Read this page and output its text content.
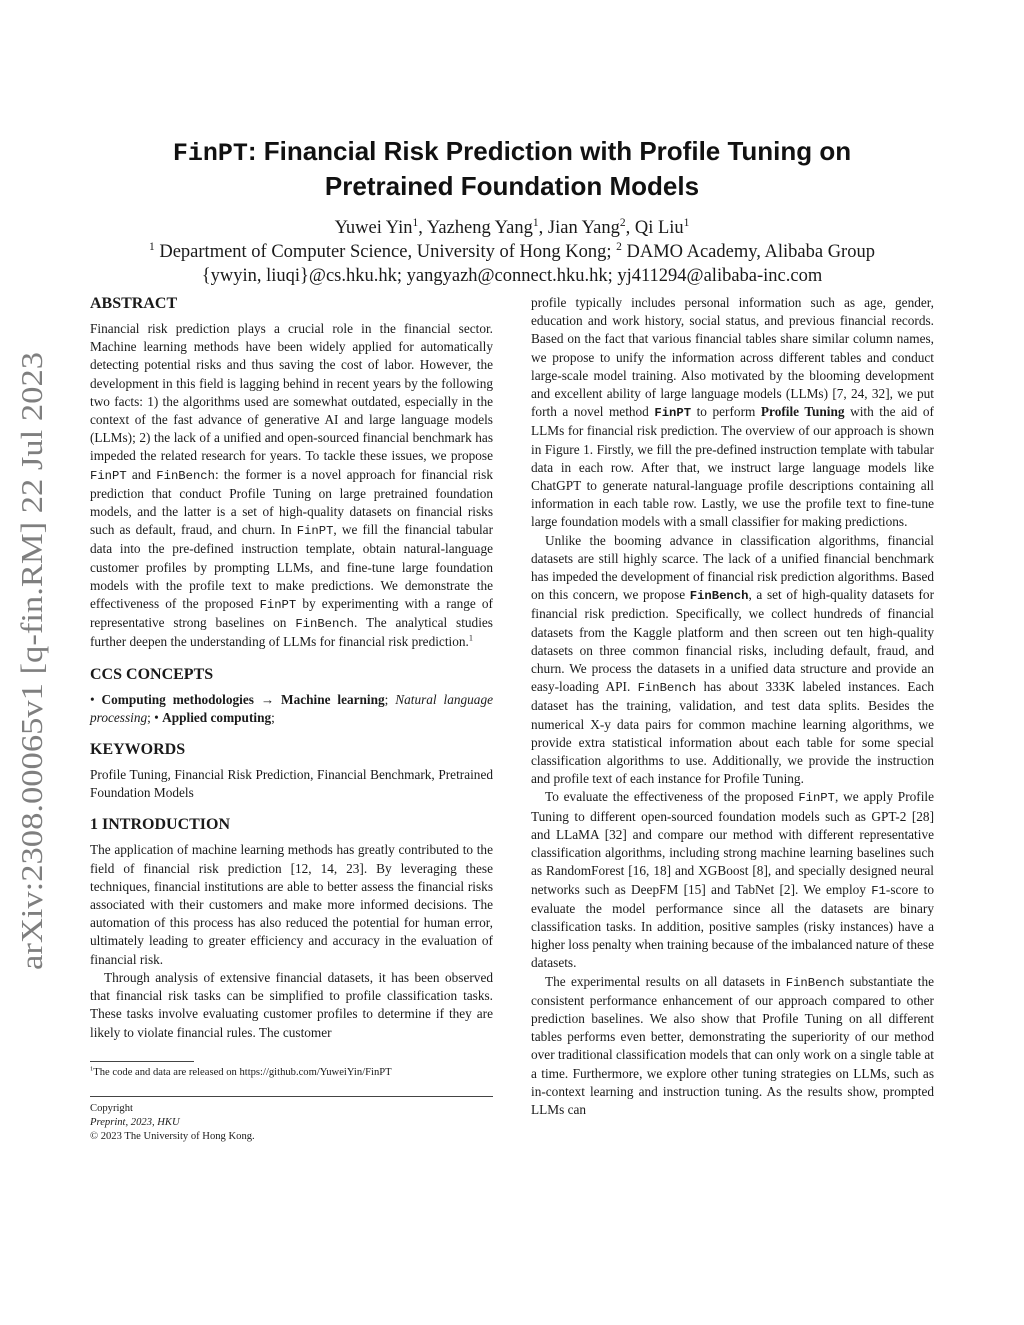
arXiv:2308.00065v1 [q-fin.RM] 22 Jul 2023
FinPT: Financial Risk Prediction with Profile Tuning on
Pretrained Foundation Models
Yuwei Yin$^1$, Yazheng Yang$^1$, Jian Yang$^2$, Qi Liu$^1$
$^1$ Department of Computer Science, University of Hong Kong; $^2$ DAMO Academy, Alibaba Group
{ywyin, liuqi}@cs.hku.hk; yangyazh@connect.hku.hk; yj411294@alibaba-inc.com
ABSTRACT

Financial risk prediction plays a crucial role in the financial sector. Machine learning methods have been widely applied for automatically detecting potential risks and thus saving the cost of labor. However, the development in this field is lagging behind in recent years by the following two facts: 1) the algorithms used are somewhat outdated, especially in the context of the fast advance of generative AI and large language models (LLMs); 2) the lack of a unified and open-sourced financial benchmark has impeded the related research for years. To tackle these issues, we propose FinPT and FinBench: the former is a novel approach for financial risk prediction that conduct Profile Tuning on large pretrained foundation models, and the latter is a set of high-quality datasets on financial risks such as default, fraud, and churn. In FinPT, we fill the financial tabular data into the pre-defined instruction template, obtain natural-language customer profiles by prompting LLMs, and fine-tune large foundation models with the profile text to make predictions. We demonstrate the effectiveness of the proposed FinPT by experimenting with a range of representative strong baselines on FinBench. The analytical studies further deepen the understanding of LLMs for financial risk prediction.$^1$

CCS CONCEPTS

• Computing methodologies → Machine learning; Natural language processing; • Applied computing;

KEYWORDS

Profile Tuning, Financial Risk Prediction, Financial Benchmark, Pretrained Foundation Models

1 INTRODUCTION

The application of machine learning methods has greatly contributed to the field of financial risk prediction [12, 14, 23]. By leveraging these techniques, financial institutions are able to better assess the financial risks associated with their customers and make more informed decisions. The automation of this process has also reduced the potential for human error, ultimately leading to greater efficiency and accuracy in the evaluation of financial risk.

Through analysis of extensive financial datasets, it has been observed that financial risk tasks can be simplified to profile classification tasks. These tasks involve evaluating customer profiles to determine if they are likely to violate financial rules. The customer

$^1$The code and data are released on https://github.com/YuweiYin/FinPT
Copyright
Preprint, 2023, HKU
© 2023 The University of Hong Kong.

profile typically includes personal information such as age, gender, education and work history, social status, and previous financial records. Based on the fact that various financial tables share similar column names, we propose to unify the information across different tables and conduct large-scale model training. Also motivated by the blooming development and excellent ability of large language models (LLMs) [7, 24, 32], we put forth a novel method FinPT to perform Profile Tuning with the aid of LLMs for financial risk prediction. The overview of our approach is shown in Figure 1. Firstly, we fill the pre-defined instruction template with tabular data in each row. After that, we instruct large language models like ChatGPT to generate natural-language profile descriptions containing all information in each table row. Lastly, we use the profile text to fine-tune large foundation models with a small classifier for making predictions.

Unlike the booming advance in classification algorithms, financial datasets are still highly scarce. The lack of a unified financial benchmark has impeded the development of financial risk prediction algorithms. Based on this concern, we propose FinBench, a set of high-quality datasets for financial risk prediction. Specifically, we collect hundreds of financial datasets from the Kaggle platform and then screen out ten high-quality datasets on three common financial risks, including default, fraud, and churn. We process the datasets in a unified data structure and provide an easy-loading API. FinBench has about 333K labeled instances. Each dataset has the training, validation, and test data splits. Besides the numerical X-y data pairs for common machine learning algorithms, we provide extra statistical information about each table for some special classification algorithms to use. Additionally, we provide the instruction and profile text of each instance for Profile Tuning.

To evaluate the effectiveness of the proposed FinPT, we apply Profile Tuning to different open-sourced foundation models such as GPT-2 [28] and LLaMA [32] and compare our method with different representative classification algorithms, including strong machine learning baselines such as RandomForest [16, 18] and XGBoost [8], and specially designed neural networks such as DeepFM [15] and TabNet [2]. We employ F1-score to evaluate the model performance since all the datasets are binary classification tasks. In addition, positive samples (risky instances) have a higher loss penalty when training because of the imbalanced nature of these datasets.

The experimental results on all datasets in FinBench substantiate the consistent performance enhancement of our approach compared to other prediction baselines. We also show that Profile Tuning on all different tables performs even better, demonstrating the superiority of our method over traditional classification models that can only work on a single table at a time. Furthermore, we explore other tuning strategies on LLMs, such as in-context learning and instruction tuning. As the results show, prompted LLMs can
